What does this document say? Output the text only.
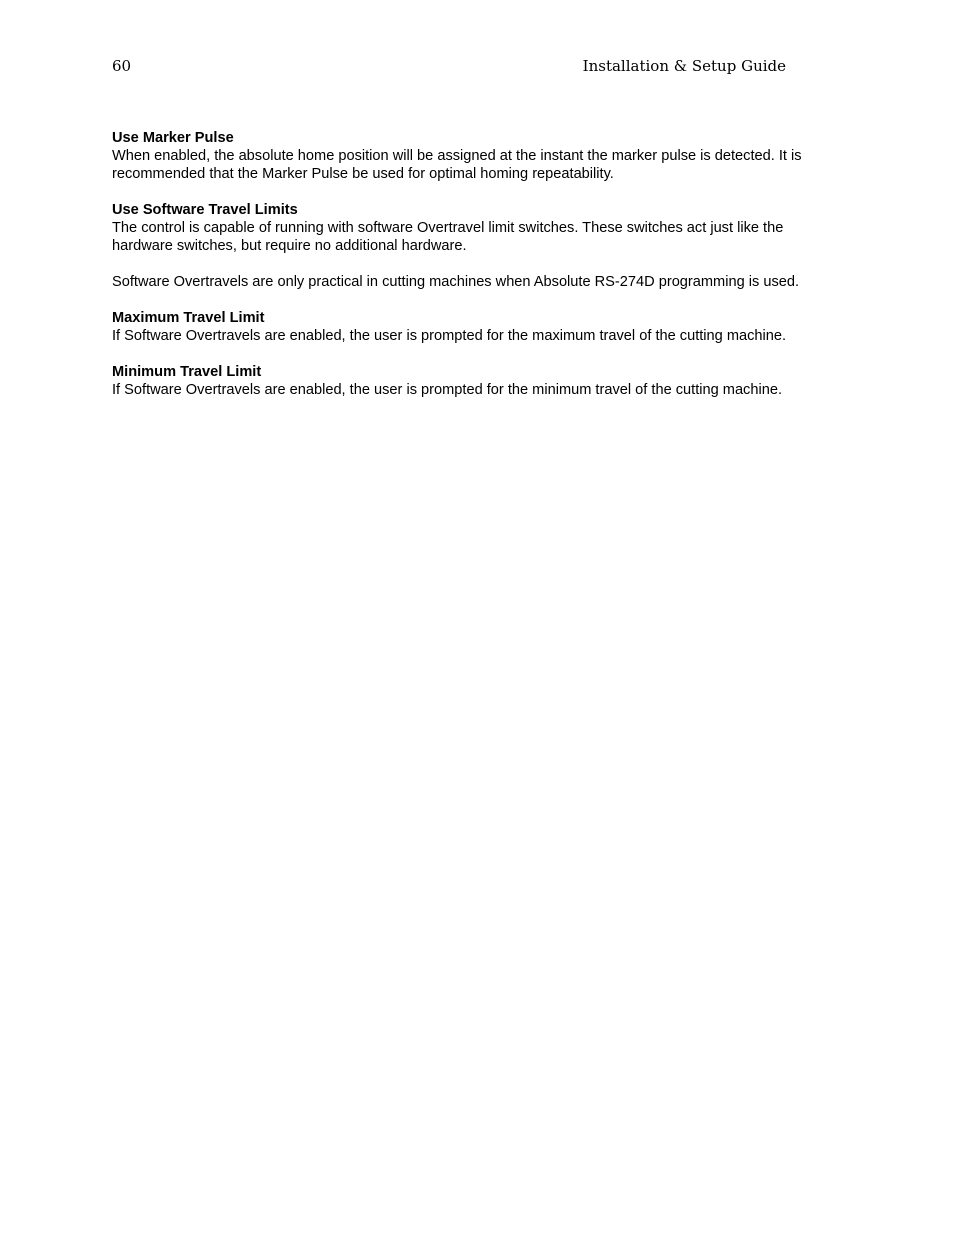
60	Installation & Setup Guide

Use Marker Pulse

When enabled, the absolute home position will be assigned at the instant the marker pulse is detected. It is recommended that the Marker Pulse be used for optimal homing repeatability.

Use Software Travel Limits

The control is capable of running with software Overtravel limit switches. These switches act just like the hardware switches, but require no additional hardware.

Software Overtravels are only practical in cutting machines when Absolute RS-274D programming is used.

Maximum Travel Limit

If Software Overtravels are enabled, the user is prompted for the maximum travel of the cutting machine.

Minimum Travel Limit

If Software Overtravels are enabled, the user is prompted for the minimum travel of the cutting machine.
